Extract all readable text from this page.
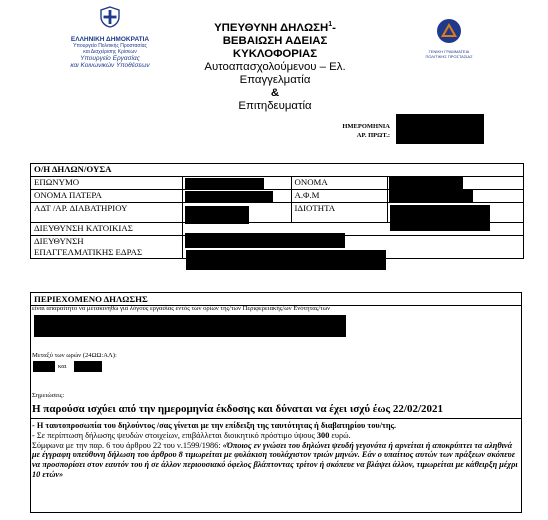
ΕΛΛΗΝΙΚΗ ΔΗΜΟΚΡΑΤΙΑ
Υπουργείο Πολιτικής Προστασίας
και Διαχείρισης Κρίσεων
Υπουργείο Εργασίας
και Κοινωνικών Υποθέσεων
ΥΠΕΥΘΥΝΗ ΔΗΛΩΣΗ$^1$-
ΒΕΒΑΙΩΣΗ ΑΔΕΙΑΣ
ΚΥΚΛΟΦΟΡΙΑΣ
Αυτοαπασχολούμενου – Ελ.
Επαγγελματία
&
Επιτηδευματία
ΓΕΝΙΚΗ ΓΡΑΜΜΑΤΕΙΑ
ΠΟΛΙΤΙΚΗΣ ΠΡΟΣΤΑΣΙΑΣ
ΗΜΕΡΟΜΗΝΙΑ
ΑΡ. ΠΡΩΤ.:
Ο/Η ΔΗΛΩΝ/ΟΥΣΑ			
ΕΠΩΝΥΜΟ		ΟΝΟΜΑ	
ΟΝΟΜΑ ΠΑΤΕΡΑ		Α.Φ.Μ	
ΑΔΤ /ΑΡ. ΔΙΑΒΑΤΗΡΙΟΥ		ΙΔΙΟΤΗΤΑ	
ΔΙΕΥΘΥΝΣΗ ΚΑΤΟΙΚΙΑΣ			

ΔΙΕΥΘΥΝΣΗ
ΕΠΑΓΓΕΛΜΑΤΙΚΗΣ ΕΔΡΑΣ			

ΠΕΡΙΕΧΟΜΕΝΟ ΔΗΛΩΣΗΣ
είναι απαραίτητο να μετακινηθώ για λόγους εργασίας εντός των ορίων της/των Περιφερειακής/ων Ενότητας/των
Μεταξύ των ωρών (24ΩΩ:ΑΛ):
και
Σημειώσεις:
Η παρούσα ισχύει από την ημερομηνία έκδοσης και δύναται να έχει ισχύ έως 22/02/2021
- Η ταυτοπροσωπία του δηλούντος /σας γίνεται με την επίδειξη της ταυτότητας ή διαβατηρίου του/της.
- Σε περίπτωση δήλωσης ψευδών στοιχείων, επιβάλλεται διοικητικό πρόστιμο ύψους 300 ευρώ.
Σύμφωνα με την παρ. 6 του άρθρου 22 του ν.1599/1986: «Όποιος εν γνώσει του δηλώνει ψευδή γεγονότα ή αρνείται ή αποκρύπτει τα αληθινά με έγγραφη υπεύθυνη δήλωση του άρθρου 8 τιμωρείται με φυλάκιση τουλάχιστον τριών μηνών. Εάν ο υπαίτιος αυτών των πράξεων σκόπευε να προσπορίσει στον εαυτόν του ή σε άλλον περιουσιακό όφελος βλάπτοντας τρίτον ή σκόπευε να βλάψει άλλον, τιμωρείται με κάθειρξη μέχρι 10 ετών»
